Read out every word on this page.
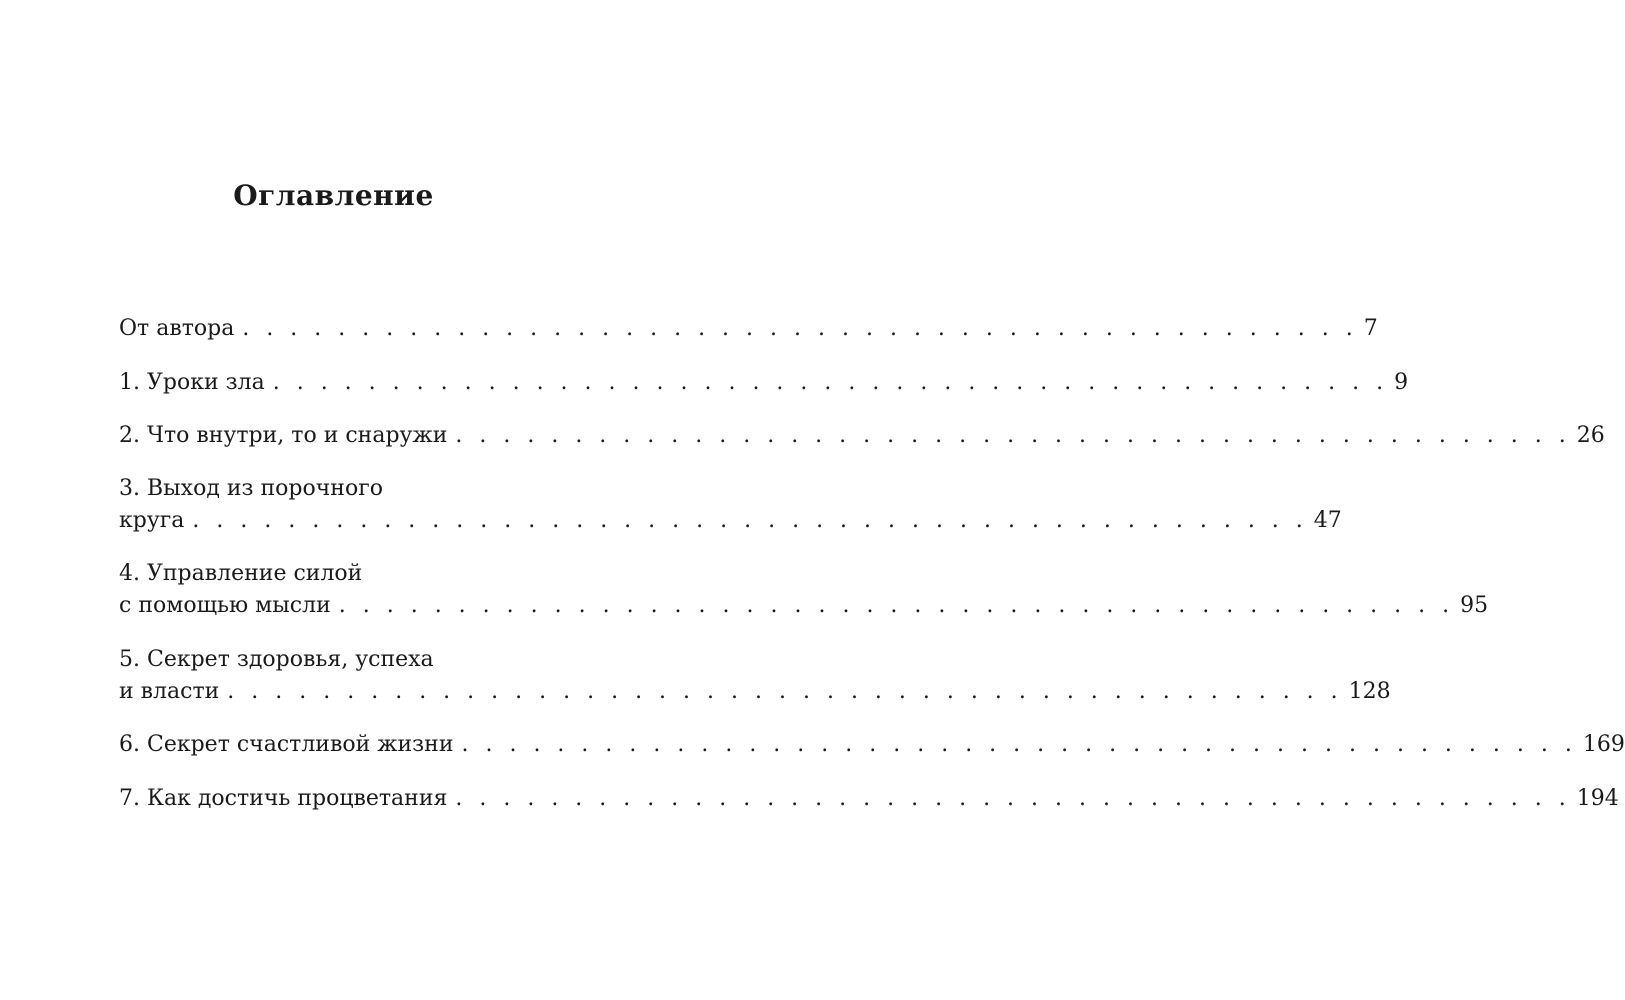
Оглавление
От автора . . . . . . . . . . . . . . . . . . . . . . . . . . . . . . . . . . . . . . . . . . . . . . . 7
1. Уроки зла . . . . . . . . . . . . . . . . . . . . . . . . . . . . . . . . . . . . . . . . . . . . . . . 9
2. Что внутри, то и снаружи . . . . . . . . . . . . . . . . . . . . . . . . . . . . . . . . . . . . . . . . . . . . . . . 26
3. Выход из порочного
круга . . . . . . . . . . . . . . . . . . . . . . . . . . . . . . . . . . . . . . . . . . . . . . . 47
4. Управление силой
с помощью мысли . . . . . . . . . . . . . . . . . . . . . . . . . . . . . . . . . . . . . . . . . . . . . . . 95
5. Секрет здоровья, успеха
и власти . . . . . . . . . . . . . . . . . . . . . . . . . . . . . . . . . . . . . . . . . . . . . . . 128
6. Секрет счастливой жизни . . . . . . . . . . . . . . . . . . . . . . . . . . . . . . . . . . . . . . . . . . . . . . . 169
7. Как достичь процветания . . . . . . . . . . . . . . . . . . . . . . . . . . . . . . . . . . . . . . . . . . . . . . . 194
